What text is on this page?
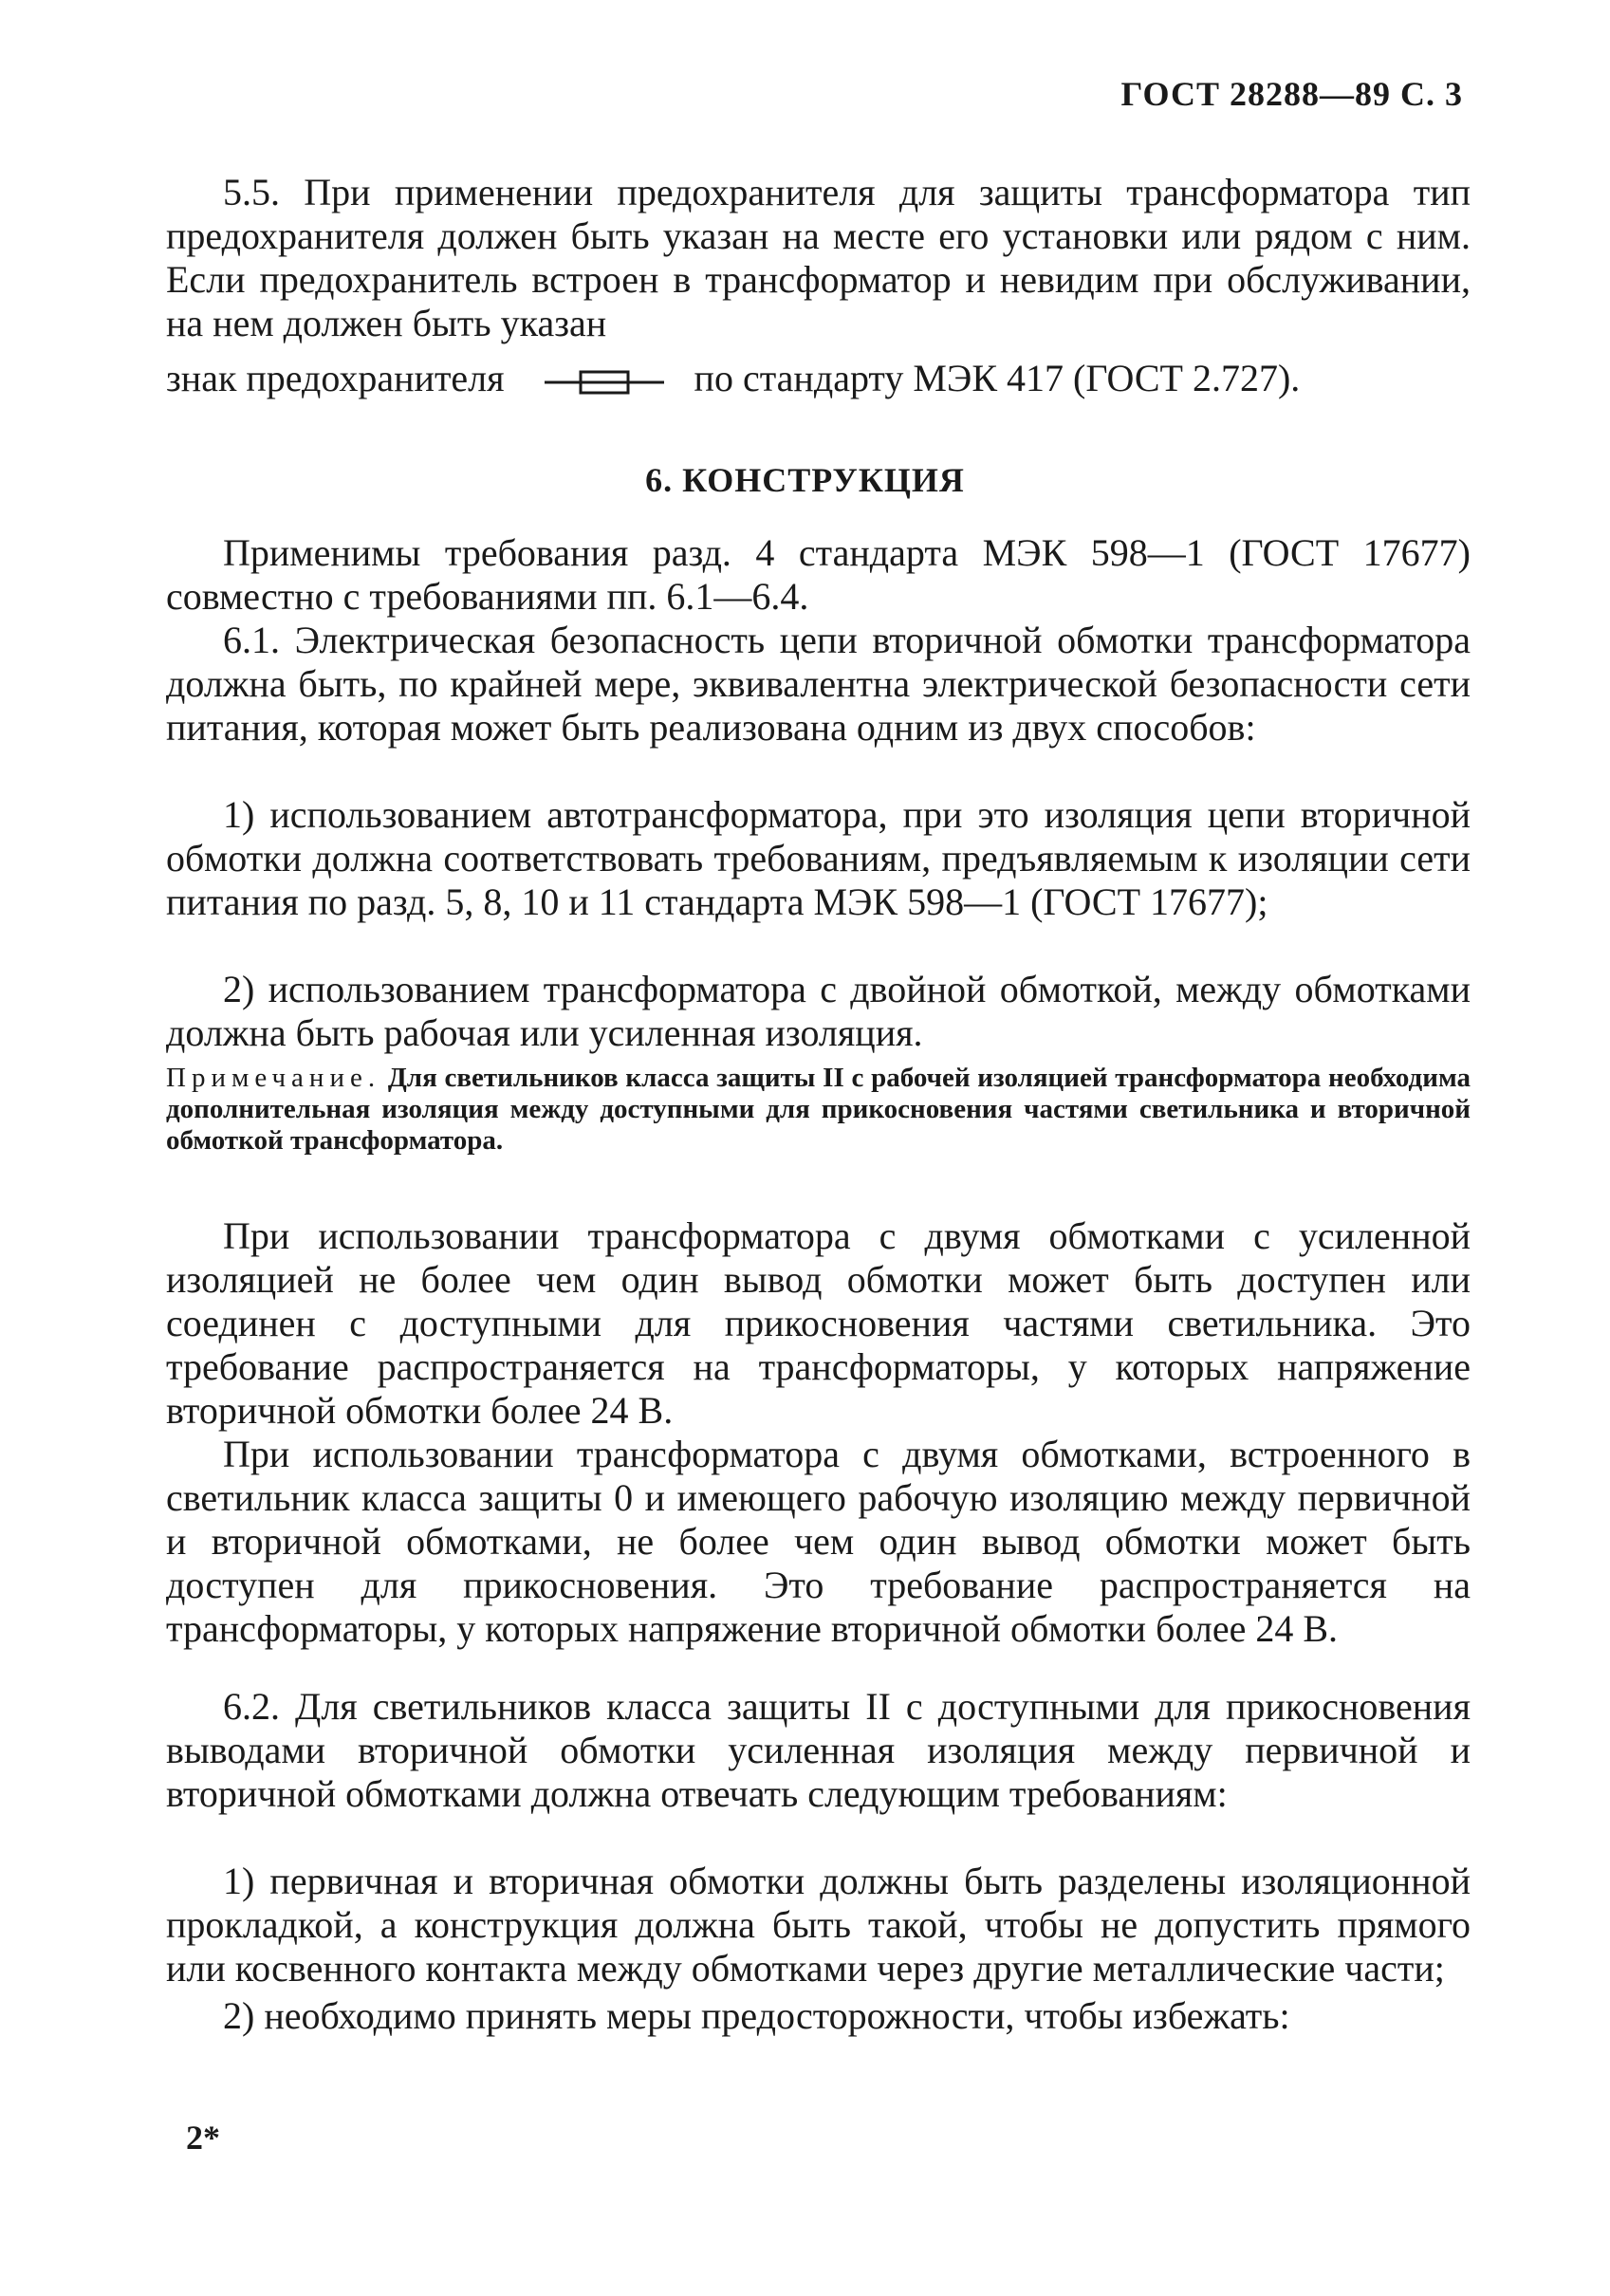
ГОСТ 28288—89 С. 3
5.5. При применении предохранителя для защиты трансформатора тип предохранителя должен быть указан на месте его установки или рядом с ним. Если предохранитель встроен в трансформатор и невидим при обслуживании, на нем должен быть указан
знак предохранителя	по стандарту МЭК 417 (ГОСТ 2.727).
6. КОНСТРУКЦИЯ
Применимы требования разд. 4 стандарта МЭК 598—1 (ГОСТ 17677) совместно с требованиями пп. 6.1—6.4.
6.1. Электрическая безопасность цепи вторичной обмотки трансформатора должна быть, по крайней мере, эквивалентна электрической безопасности сети питания, которая может быть реализована одним из двух способов:
1) использованием автотрансформатора, при это изоляция цепи вторичной обмотки должна соответствовать требованиям, предъявляемым к изоляции сети питания по разд. 5, 8, 10 и 11 стандарта МЭК 598—1 (ГОСТ 17677);
2) использованием трансформатора с двойной обмоткой, между обмотками должна быть рабочая или усиленная изоляция.
Примечание. Для светильников класса защиты II с рабочей изоляцией трансформатора необходима дополнительная изоляция между доступными для прикосновения частями светильника и вторичной обмоткой трансформатора.
При использовании трансформатора с двумя обмотками с усиленной изоляцией не более чем один вывод обмотки может быть доступен или соединен с доступными для прикосновения частями светильника. Это требование распространяется на трансформаторы, у которых напряжение вторичной обмотки более 24 В.
При использовании трансформатора с двумя обмотками, встроенного в светильник класса защиты 0 и имеющего рабочую изоляцию между первичной и вторичной обмотками, не более чем один вывод обмотки может быть доступен для прикосновения. Это требование распространяется на трансформаторы, у которых напряжение вторичной обмотки более 24 В.
6.2. Для светильников класса защиты II с доступными для прикосновения выводами вторичной обмотки усиленная изоляция между первичной и вторичной обмотками должна отвечать следующим требованиям:
1) первичная и вторичная обмотки должны быть разделены изоляционной прокладкой, а конструкция должна быть такой, чтобы не допустить прямого или косвенного контакта между обмотками через другие металлические части;
2) необходимо принять меры предосторожности, чтобы избежать:
2*
